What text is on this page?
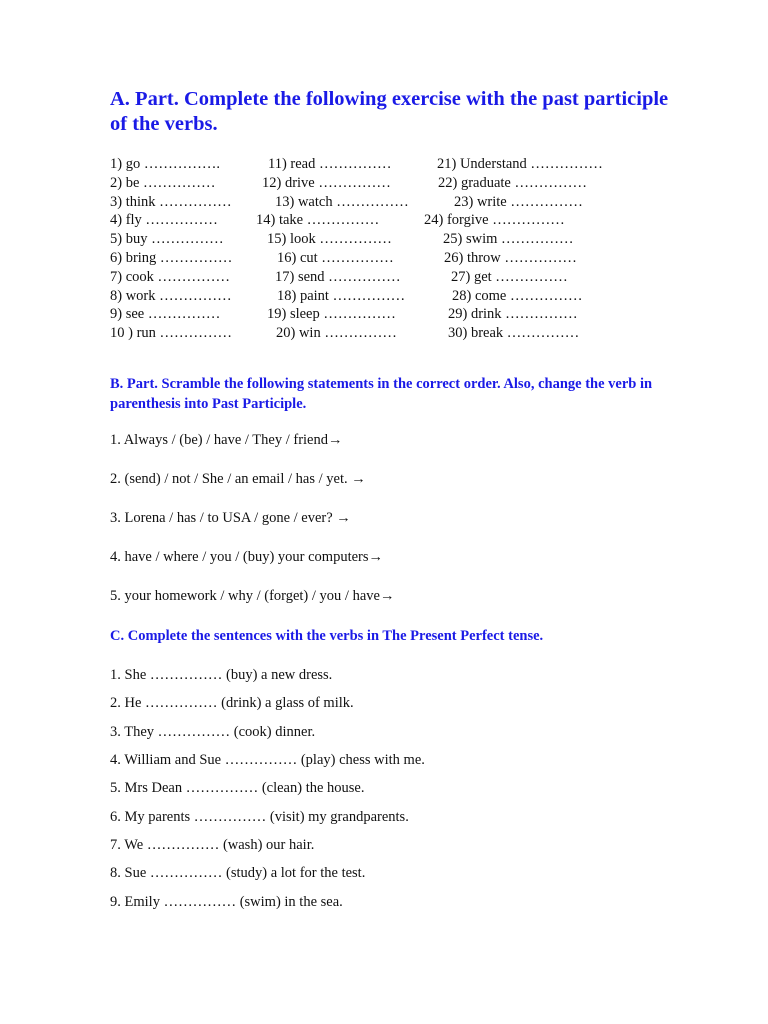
A. Part. Complete the following exercise with the past participle of the verbs.
1) go …………….	11) read ……………	21) Understand ……………
2) be ……………	12) drive ……………	22) graduate ……………
3) think ……………	13) watch ……………	23) write ……………
4) fly ……………	14) take ……………	24) forgive ……………
5) buy ……………	15) look ……………	25) swim ……………
6) bring ……………	16) cut ……………	26) throw ……………
7) cook ……………	17) send ……………	27) get ……………
8) work ……………	18) paint ……………	28) come ……………
9) see ……………	19) sleep ……………	29) drink ……………
10 ) run ……………	20) win ……………	30) break ……………
B. Part. Scramble the following statements in the correct order. Also, change the verb in parenthesis into Past Participle.
1. Always / (be) / have / They / friend→
2. (send) / not / She / an email / has / yet. →
3. Lorena / has / to USA / gone / ever? →
4. have / where / you / (buy) your computers→
5. your homework / why / (forget) / you / have→
C. Complete the sentences with the verbs in The Present Perfect tense.
1. She …………… (buy) a new dress.
2. He …………… (drink) a glass of milk.
3. They …………… (cook) dinner.
4. William and Sue …………… (play) chess with me.
5. Mrs Dean …………… (clean) the house.
6. My parents …………… (visit) my grandparents.
7. We …………… (wash) our hair.
8. Sue …………… (study) a lot for the test.
9. Emily …………… (swim) in the sea.
